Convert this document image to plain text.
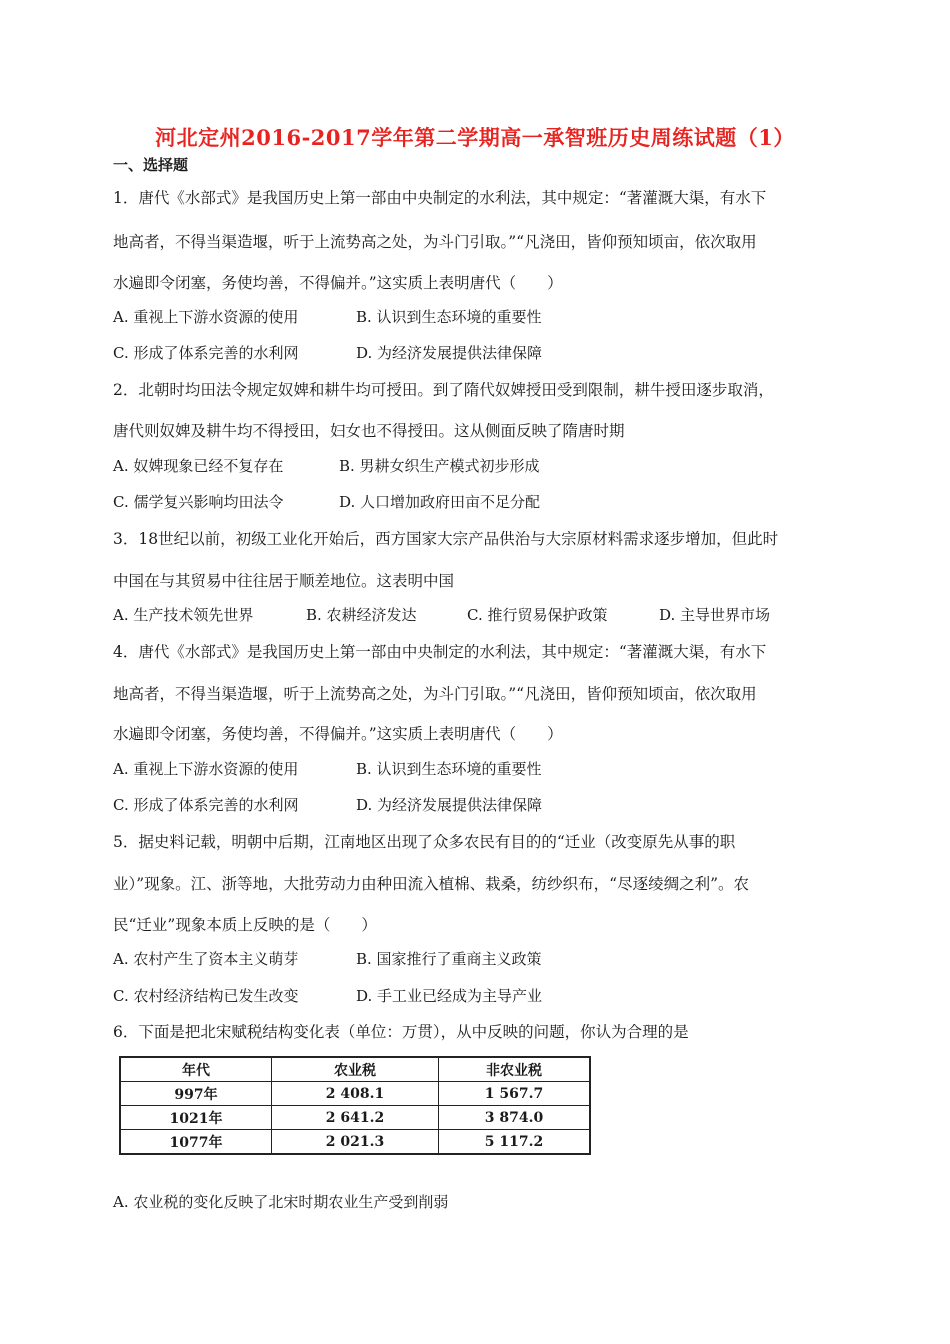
河北定州2016-2017学年第二学期高一承智班历史周练试题（1）
一、选择题
1．唐代《水部式》是我国历史上第一部由中央制定的水利法，其中规定：“著灌溉大渠，有水下
地高者，不得当渠造堰，听于上流势高之处，为斗门引取。”“凡浇田，皆仰预知顷亩，依次取用
水遍即令闭塞，务使均善，不得偏并。”这实质上表明唐代（　　）
A. 重视上下游水资源的使用	B. 认识到生态环境的重要性
C. 形成了体系完善的水利网	D. 为经济发展提供法律保障
2．北朝时均田法令规定奴婢和耕牛均可授田。到了隋代奴婢授田受到限制，耕牛授田逐步取消，
唐代则奴婢及耕牛均不得授田，妇女也不得授田。这从侧面反映了隋唐时期
A. 奴婢现象已经不复存在	B. 男耕女织生产模式初步形成
C. 儒学复兴影响均田法令	D. 人口增加政府田亩不足分配
3．18世纪以前，初级工业化开始后，西方国家大宗产品供治与大宗原材料需求逐步增加，但此时
中国在与其贸易中往往居于顺差地位。这表明中国
A. 生产技术领先世界	B. 农耕经济发达	C. 推行贸易保护政策	D. 主导世界市场
4．唐代《水部式》是我国历史上第一部由中央制定的水利法，其中规定：“著灌溉大渠，有水下
地高者，不得当渠造堰，听于上流势高之处，为斗门引取。”“凡浇田，皆仰预知顷亩，依次取用
水遍即令闭塞，务使均善，不得偏并。”这实质上表明唐代（　　）
A. 重视上下游水资源的使用	B. 认识到生态环境的重要性
C. 形成了体系完善的水利网	D. 为经济发展提供法律保障
5．据史料记载，明朝中后期，江南地区出现了众多农民有目的的“迁业（改变原先从事的职
业）”现象。江、浙等地，大批劳动力由种田流入植棉、栽桑，纺纱织布，“尽逐绫绸之利”。农
民“迁业”现象本质上反映的是（　　）
A. 农村产生了资本主义萌芽	B. 国家推行了重商主义政策
C. 农村经济结构已发生改变	D. 手工业已经成为主导产业
6．下面是把北宋赋税结构变化表（单位：万贯），从中反映的问题，你认为合理的是
年代	农业税	非农业税
997年	2 408.1	1 567.7
1021年	2 641.2	3 874.0
1077年	2 021.3	5 117.2
A. 农业税的变化反映了北宋时期农业生产受到削弱
